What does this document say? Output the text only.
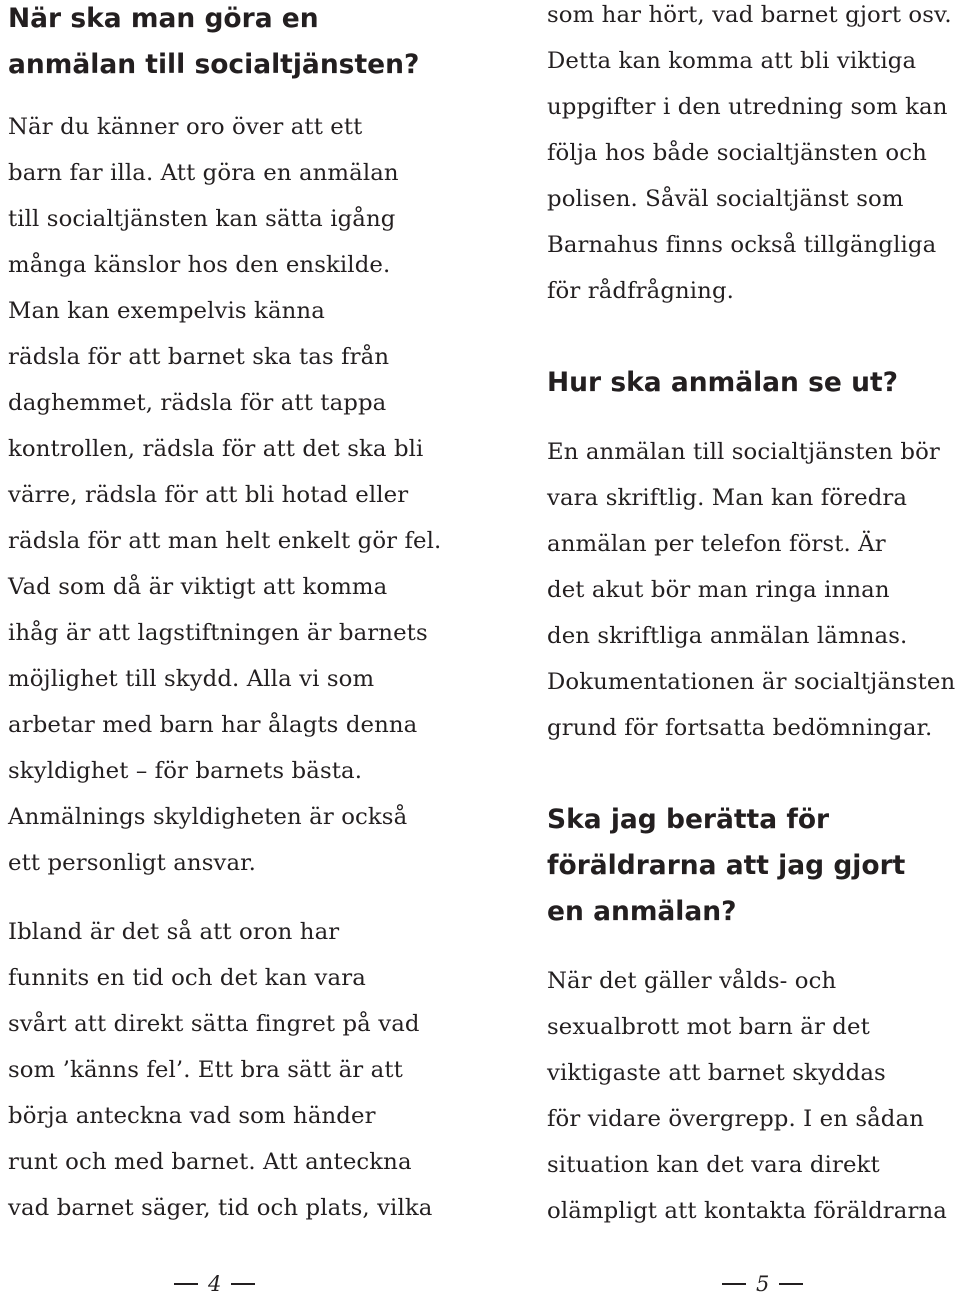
När ska man göra en

anmälan till socialtjänsten?

När du känner oro över att ett

barn far illa. Att göra en anmälan

till socialtjänsten kan sätta igång

många känslor hos den enskilde.

Man kan exempelvis känna

rädsla för att barnet ska tas från

daghemmet, rädsla för att tappa

kontrollen, rädsla för att det ska bli

värre, rädsla för att bli hotad eller

rädsla för att man helt enkelt gör fel.

Vad som då är viktigt att komma

ihåg är att lagstiftningen är barnets

möjlighet till skydd. Alla vi som

arbetar med barn har ålagts denna

skyldighet – för barnets bästa.

Anmälnings skyldigheten är också

ett personligt ansvar.

Ibland är det så att oron har

funnits en tid och det kan vara

svårt att direkt sätta fingret på vad

som ’känns fel’. Ett bra sätt är att

börja anteckna vad som händer

runt och med barnet. Att anteckna

vad barnet säger, tid och plats, vilka

som har hört, vad barnet gjort osv.

Detta kan komma att bli viktiga

uppgifter i den utredning som kan

följa hos både socialtjänsten och

polisen. Såväl socialtjänst som

Barnahus finns också tillgängliga

för rådfrågning.

Hur ska anmälan se ut?

En anmälan till socialtjänsten bör

vara skriftlig. Man kan föredra

anmälan per telefon först. Är

det akut bör man ringa innan

den skriftliga anmälan lämnas.

Dokumentationen är socialtjänsten

grund för fortsatta bedömningar.

Ska jag berätta för

föräldrarna att jag gjort

en anmälan?

När det gäller vålds- och

sexualbrott mot barn är det

viktigaste att barnet skyddas

för vidare övergrepp. I en sådan

situation kan det vara direkt

olämpligt att kontakta föräldrarna

4	5
